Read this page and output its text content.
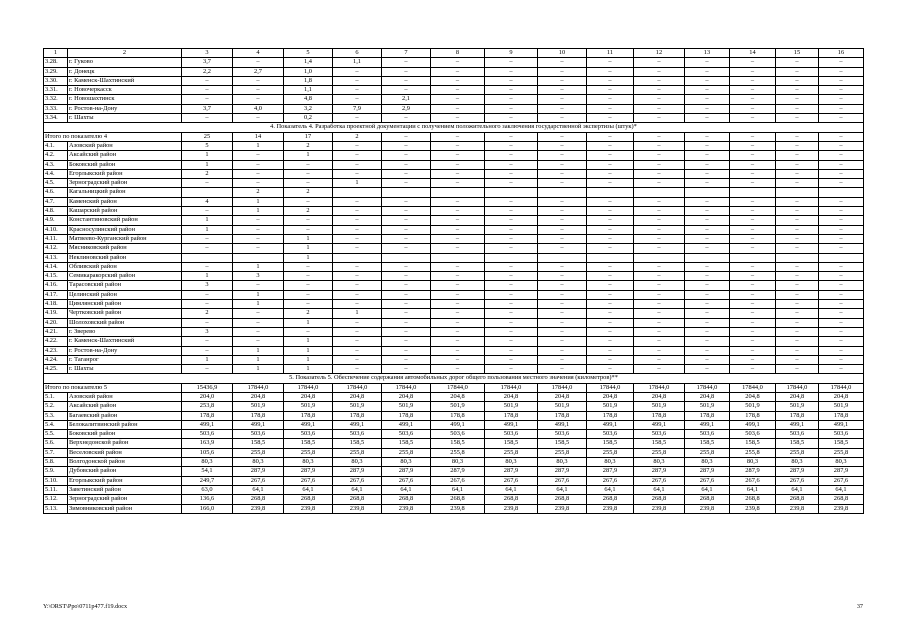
1	2	3	4	5	6	7	8	9	10	11	12	13	14	15	16
3.28.	г. Гуково	3,7	–	1,4	1,1	–	–	–	–	–	–	–	–	–	–
3.29.	г. Донецк	2,2	2,7	1,0	–	–	–	–	–	–	–	–	–	–	–
3.30.	г. Каменск-Шахтинский	–	–	1,8	–	–	–	–	–	–	–	–	–	–	–
3.31.	г. Новочеркасск	–	–	1,1	–	–	–	–	–	–	–	–	–	–	–
3.32.	г. Новошахтинск	–	–	4,8	–	2,1	–	–	–	–	–	–	–	–	–
3.33.	г. Ростов-на-Дону	3,7	4,0	3,2	7,9	2,9	–	–	–	–	–	–	–	–	–
3.34.	г. Шахты	–	–	0,2	–	–	–	–	–	–	–	–	–	–	–
4. Показатель 4. Разработка проектной документации с получением положительного заключения государственной экспертизы (штук)*															
Итого по показателю 4		25	14	17	2	–	–	–	–	–	–	–	–	–	–
4.1.	Азовский район	5	1	2	–	–	–	–	–	–	–	–	–	–	–
4.2.	Аксайский район	1	–	1	–	–	–	–	–	–	–	–	–	–	–
4.3.	Боковский район	1	–	–	–	–	–	–	–	–	–	–	–	–	–
4.4.	Егорлыкский район	2	–	–	–	–	–	–	–	–	–	–	–	–	–
4.5.	Зерноградский район	–	–	–	1	–	–	–	–	–	–	–	–	–	–
4.6.	Кагальницкий район		2	2											
4.7.	Каменский район	4	1	–	–	–	–	–	–	–	–	–	–	–	–
4.8.	Кашарский район	–	1	2	–	–	–	–	–	–	–	–	–	–	–
4.9.	Константиновский район	1	–	–	–	–	–	–	–	–	–	–	–	–	–
4.10.	Красносулинский район	1	–	–	–	–	–	–	–	–	–	–	–	–	–
4.11.	Матвеево-Курганский район	–	–	1	–	–	–	–	–	–	–	–	–	–	–
4.12.	Мясниковский район	–	–	1	–	–	–	–	–	–	–	–	–	–	–
4.13.	Неклиновский район			1											
4.14.	Обливский район	–	1	–	–	–	–	–	–	–	–	–	–	–	–
4.15.	Семикаракорский район	1	3	–	–	–	–	–	–	–	–	–	–	–	–
4.16.	Тарасовский район	3	–	–	–	–	–	–	–	–	–	–	–	–	–
4.17.	Целинский район	–	1	–	–	–	–	–	–	–	–	–	–	–	–
4.18.	Цимлянский район	–	1	–	–	–	–	–	–	–	–	–	–	–	–
4.19.	Чертковский район	2	–	2	1	–	–	–	–	–	–	–	–	–	–
4.20.	Шолоховский район	–	–	1	–	–	–	–	–	–	–	–	–	–	–
4.21.	г. Зверево	3	–	–	–	–	–	–	–	–	–	–	–	–	–
4.22.	г. Каменск-Шахтинский	–	–	1	–	–	–	–	–	–	–	–	–	–	–
4.23.	г. Ростов-на-Дону	–	1	1	–	–	–	–	–	–	–	–	–	–	–
4.24.	г. Таганрог	1	1	1	–	–	–	–	–	–	–	–	–	–	–
4.25.	г. Шахты	–	1	1	–	–	–	–	–	–	–	–	–	–	–
5. Показатель 5. Обеспечение содержания автомобильных дорог общего пользования местного значения (километров)**															
Итого по показателю 5		15436,9	17844,0	17844,0	17844,0	17844,0	17844,0	17844,0	17844,0	17844,0	17844,0	17844,0	17844,0	17844,0	17844,0
5.1.	Азовский район	204,0	204,8	204,8	204,8	204,8	204,8	204,8	204,8	204,8	204,8	204,8	204,8	204,8	204,8
5.2.	Аксайский район	253,8	501,9	501,9	501,9	501,9	501,9	501,9	501,9	501,9	501,9	501,9	501,9	501,9	501,9
5.3.	Багаевский район	178,8	178,8	178,8	178,8	178,8	178,8	178,8	178,8	178,8	178,8	178,8	178,8	178,8	178,8
5.4.	Белокалитвинский район	499,1	499,1	499,1	499,1	499,1	499,1	499,1	499,1	499,1	499,1	499,1	499,1	499,1	499,1
5.5.	Боковский район	503,6	503,6	503,6	503,6	503,6	503,6	503,6	503,6	503,6	503,6	503,6	503,6	503,6	503,6
5.6.	Верхнедонской район	163,9	158,5	158,5	158,5	158,5	158,5	158,5	158,5	158,5	158,5	158,5	158,5	158,5	158,5
5.7.	Веселовский район	105,6	255,8	255,8	255,8	255,8	255,8	255,8	255,8	255,8	255,8	255,8	255,8	255,8	255,8
5.8.	Волгодонской район	80,3	80,3	80,3	80,3	80,3	80,3	80,3	80,3	80,3	80,3	80,3	80,3	80,3	80,3
5.9.	Дубовский район	54,1	287,9	287,9	287,9	287,9	287,9	287,9	287,9	287,9	287,9	287,9	287,9	287,9	287,9
5.10.	Егорлыкский район	249,7	267,6	267,6	267,6	267,6	267,6	267,6	267,6	267,6	267,6	267,6	267,6	267,6	267,6
5.11.	Заветинский район	63,0	64,1	64,1	64,1	64,1	64,1	64,1	64,1	64,1	64,1	64,1	64,1	64,1	64,1
5.12.	Зерноградский район	136,6	268,8	268,8	268,8	268,8	268,8	268,8	268,8	268,8	268,8	268,8	268,8	268,8	268,8
5.13.	Зимовниковский район	166,0	239,8	239,8	239,8	239,8	239,8	239,8	239,8	239,8	239,8	239,8	239,8	239,8	239,8
Y:\ORST\Ppo\0711p477.f19.docx	37
